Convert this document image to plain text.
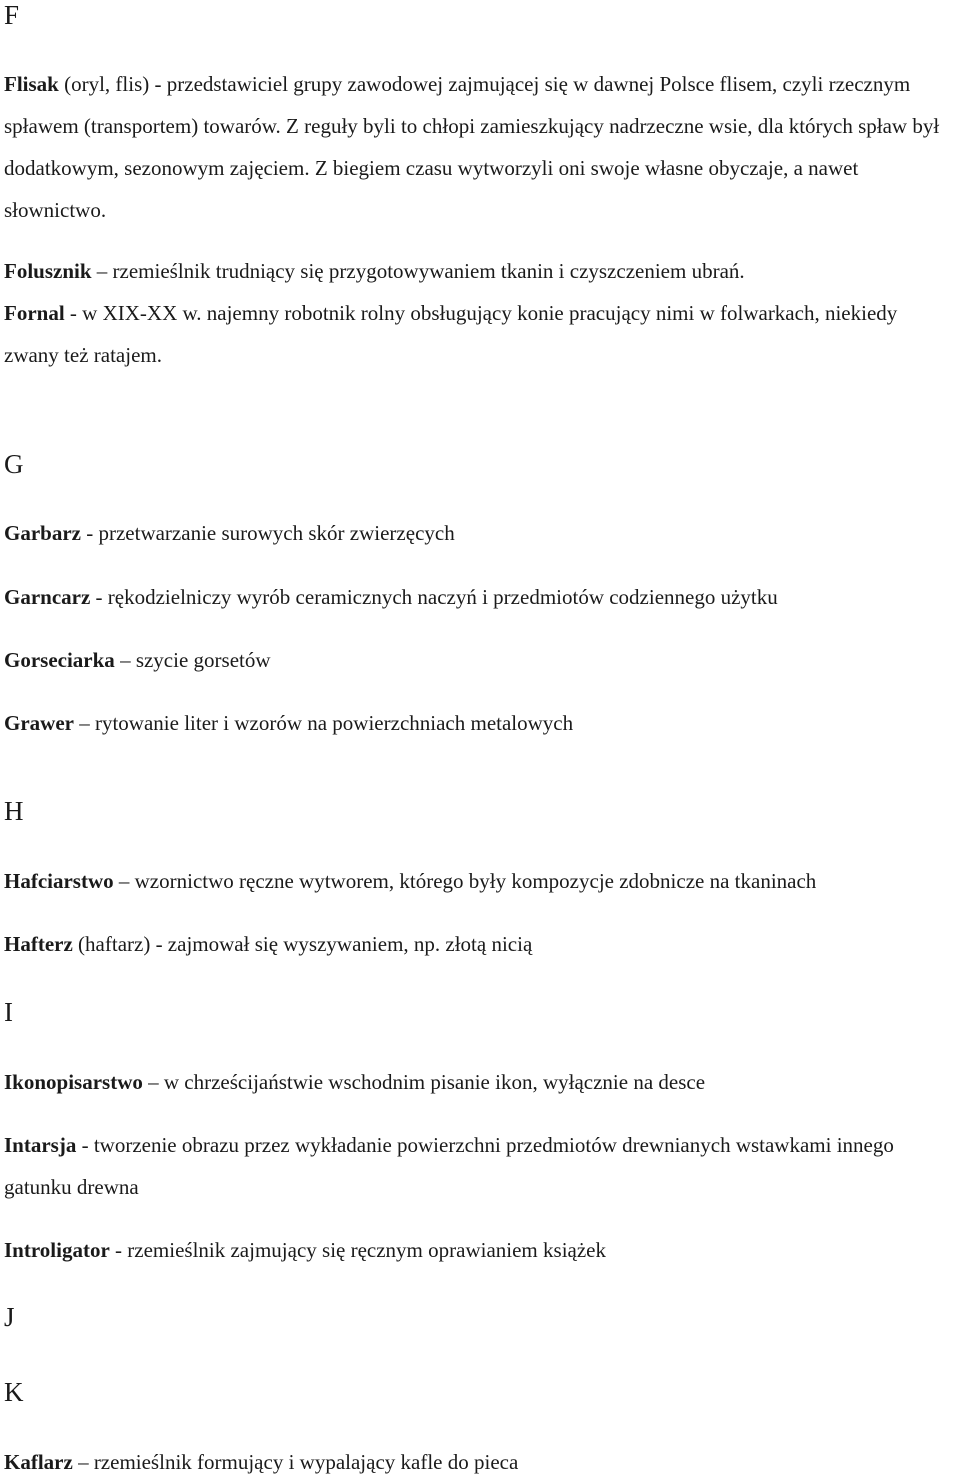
F

Flisak (oryl, flis) - przedstawiciel grupy zawodowej zajmującej się w dawnej Polsce flisem, czyli rzecznym spławem (transportem) towarów. Z reguły byli to chłopi zamieszkujący nadrzeczne wsie, dla których spław był dodatkowym, sezonowym zajęciem. Z biegiem czasu wytworzyli oni swoje własne obyczaje, a nawet słownictwo.

Folusznik – rzemieślnik trudniący się przygotowywaniem tkanin i czyszczeniem ubrań.

Fornal - w XIX-XX w. najemny robotnik rolny obsługujący konie pracujący nimi w folwarkach, niekiedy zwany też ratajem.

G

Garbarz - przetwarzanie surowych skór zwierzęcych

Garncarz - rękodzielniczy wyrób ceramicznych naczyń i przedmiotów codziennego użytku

Gorseciarka – szycie gorsetów

Grawer – rytowanie liter i wzorów na powierzchniach metalowych

H

Hafciarstwo – wzornictwo ręczne wytworem, którego były kompozycje zdobnicze na tkaninach

Hafterz (haftarz) - zajmował się wyszywaniem, np. złotą nicią

I

Ikonopisarstwo – w chrześcijaństwie wschodnim pisanie ikon, wyłącznie na desce

Intarsja - tworzenie obrazu przez wykładanie powierzchni przedmiotów drewnianych wstawkami innego gatunku drewna

Introligator - rzemieślnik zajmujący się ręcznym oprawianiem książek

J
K

Kaflarz – rzemieślnik formujący i wypalający kafle do pieca
